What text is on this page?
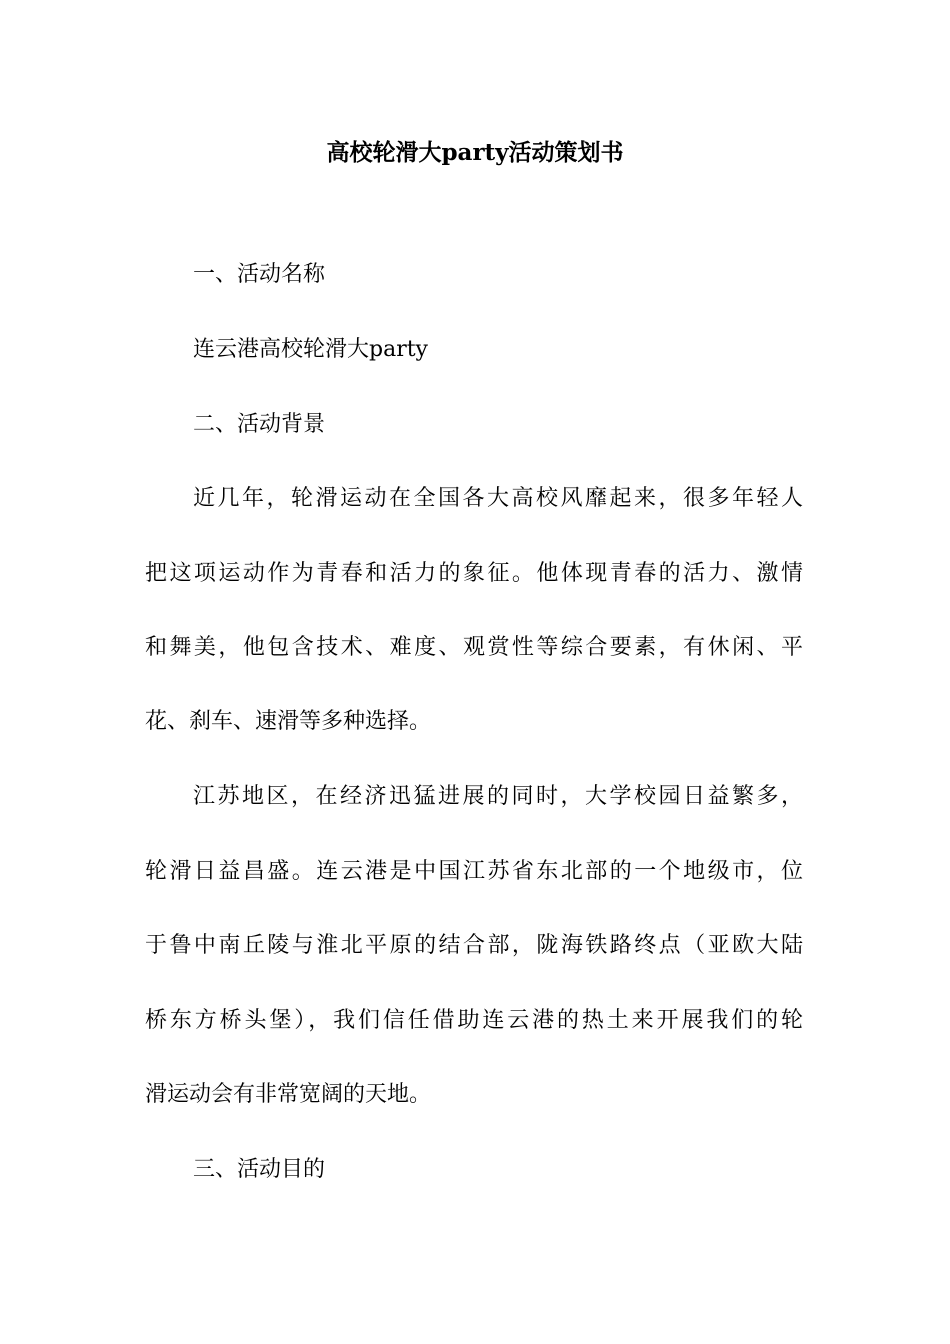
高校轮滑大party活动策划书
一、活动名称
连云港高校轮滑大party
二、活动背景
近几年，轮滑运动在全国各大高校风靡起来，很多年轻人
把这项运动作为青春和活力的象征。他体现青春的活力、激情
和舞美，他包含技术、难度、观赏性等综合要素，有休闲、平
花、刹车、速滑等多种选择。
江苏地区，在经济迅猛进展的同时，大学校园日益繁多，
轮滑日益昌盛。连云港是中国江苏省东北部的一个地级市，位
于鲁中南丘陵与淮北平原的结合部，陇海铁路终点（亚欧大陆
桥东方桥头堡），我们信任借助连云港的热土来开展我们的轮
滑运动会有非常宽阔的天地。
三、活动目的
